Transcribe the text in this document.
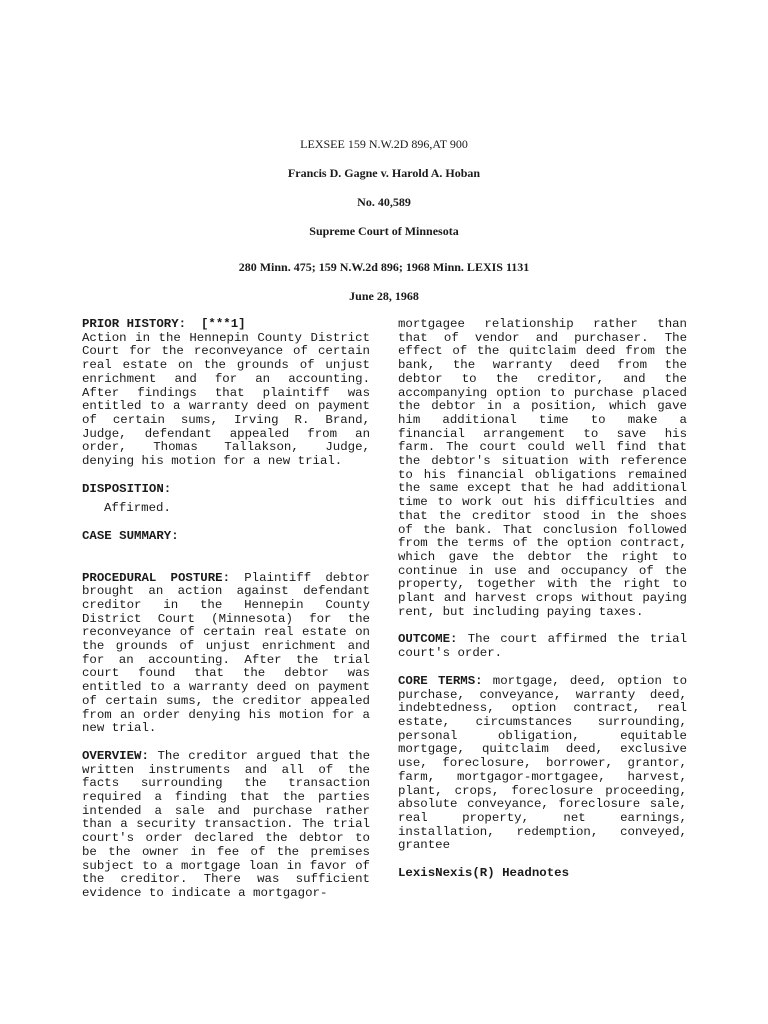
LEXSEE 159 N.W.2D 896,AT 900
Francis D. Gagne v. Harold A. Hoban
No. 40,589
Supreme Court of Minnesota
280 Minn. 475; 159 N.W.2d 896; 1968 Minn. LEXIS 1131
June 28, 1968
PRIOR HISTORY: [***1]
Action in the Hennepin County District Court for the reconveyance of certain real estate on the grounds of unjust enrichment and for an accounting. After findings that plaintiff was entitled to a warranty deed on payment of certain sums, Irving R. Brand, Judge, defendant appealed from an order, Thomas Tallakson, Judge, denying his motion for a new trial.
DISPOSITION:
Affirmed.
CASE SUMMARY:
PROCEDURAL POSTURE: Plaintiff debtor brought an action against defendant creditor in the Hennepin County District Court (Minnesota) for the reconveyance of certain real estate on the grounds of unjust enrichment and for an accounting. After the trial court found that the debtor was entitled to a warranty deed on payment of certain sums, the creditor appealed from an order denying his motion for a new trial.
OVERVIEW: The creditor argued that the written instruments and all of the facts surrounding the transaction required a finding that the parties intended a sale and purchase rather than a security transaction. The trial court's order declared the debtor to be the owner in fee of the premises subject to a mortgage loan in favor of the creditor. There was sufficient evidence to indicate a mortgagor-
mortgagee relationship rather than that of vendor and purchaser. The effect of the quitclaim deed from the bank, the warranty deed from the debtor to the creditor, and the accompanying option to purchase placed the debtor in a position, which gave him additional time to make a financial arrangement to save his farm. The court could well find that the debtor's situation with reference to his financial obligations remained the same except that he had additional time to work out his difficulties and that the creditor stood in the shoes of the bank. That conclusion followed from the terms of the option contract, which gave the debtor the right to continue in use and occupancy of the property, together with the right to plant and harvest crops without paying rent, but including paying taxes.
OUTCOME: The court affirmed the trial court's order.
CORE TERMS: mortgage, deed, option to purchase, conveyance, warranty deed, indebtedness, option contract, real estate, circumstances surrounding, personal obligation, equitable mortgage, quitclaim deed, exclusive use, foreclosure, borrower, grantor, farm, mortgagor-mortgagee, harvest, plant, crops, foreclosure proceeding, absolute conveyance, foreclosure sale, real property, net earnings, installation, redemption, conveyed, grantee
LexisNexis(R) Headnotes
